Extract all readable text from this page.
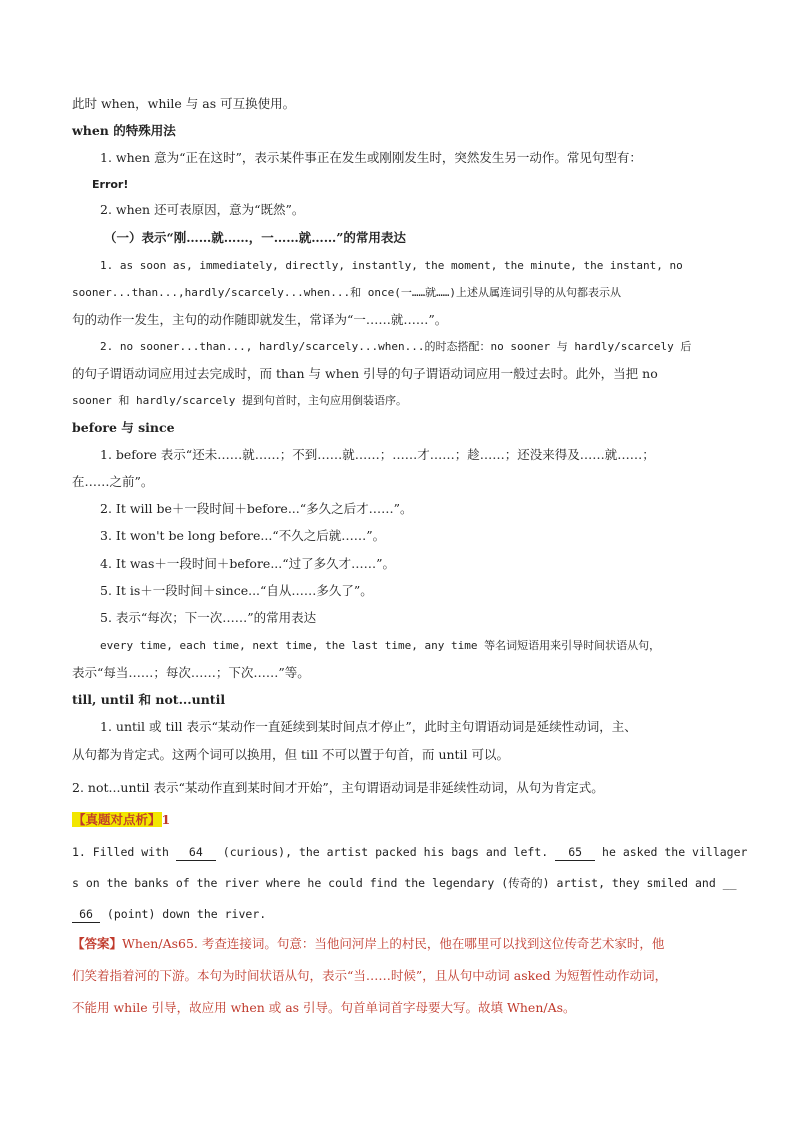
此时 when，while 与 as 可互换使用。
when 的特殊用法
1. when 意为“正在这时”，表示某件事正在发生或刚刚发生时，突然发生另一动作。常见句型有：
Error!
2. when 还可表原因，意为“既然”。
（一）表示“刚……就……，一……就……”的常用表达
1. as soon as, immediately, directly, instantly, the moment, the minute, the instant, no
sooner...than...,hardly/scarcely...when...和 once(一……就……)上述从属连词引导的从句都表示从
句的动作一发生，主句的动作随即就发生，常译为“一……就……”。
2. no sooner...than..., hardly/scarcely...when...的时态搭配：no sooner 与 hardly/scarcely 后
的句子谓语动词应用过去完成时，而 than 与 when 引导的句子谓语动词应用一般过去时。此外，当把 no
sooner 和 hardly/scarcely 提到句首时，主句应用倒装语序。
before 与 since
1. before 表示“还未……就……；不到……就……；……才……；趁……；还没来得及……就……；
在……之前”。
2. It will be＋一段时间＋before...“多久之后才……”。
3. It won't be long before...“不久之后就……”。
4. It was＋一段时间＋before...“过了多久才……”。
5. It is＋一段时间＋since...“自从……多久了”。
5. 表示“每次；下一次……”的常用表达
every time, each time, next time, the last time, any time 等名词短语用来引导时间状语从句，
表示“每当……；每次……；下次……”等。
till, until 和 not...until
1. until 或 till 表示“某动作一直延续到某时间点才停止”，此时主句谓语动词是延续性动词，主、
从句都为肯定式。这两个词可以换用，但 till 不可以置于句首，而 until 可以。
2. not...until 表示“某动作直到某时间才开始”，主句谓语动词是非延续性动词，从句为肯定式。
【真题对点析】1
1. Filled with 64 (curious), the artist packed his bags and left. 65 he asked the villager
s on the banks of the river where he could find the legendary (传奇的) artist, they smiled and __
66 (point) down the river.
【答案】When/As65. 考查连接词。句意：当他问河岸上的村民，他在哪里可以找到这位传奇艺术家时，他
们笑着指着河的下游。本句为时间状语从句，表示“当……时候”，且从句中动词 asked 为短暂性动作动词，
不能用 while 引导，故应用 when 或 as 引导。句首单词首字母要大写。故填 When/As。
